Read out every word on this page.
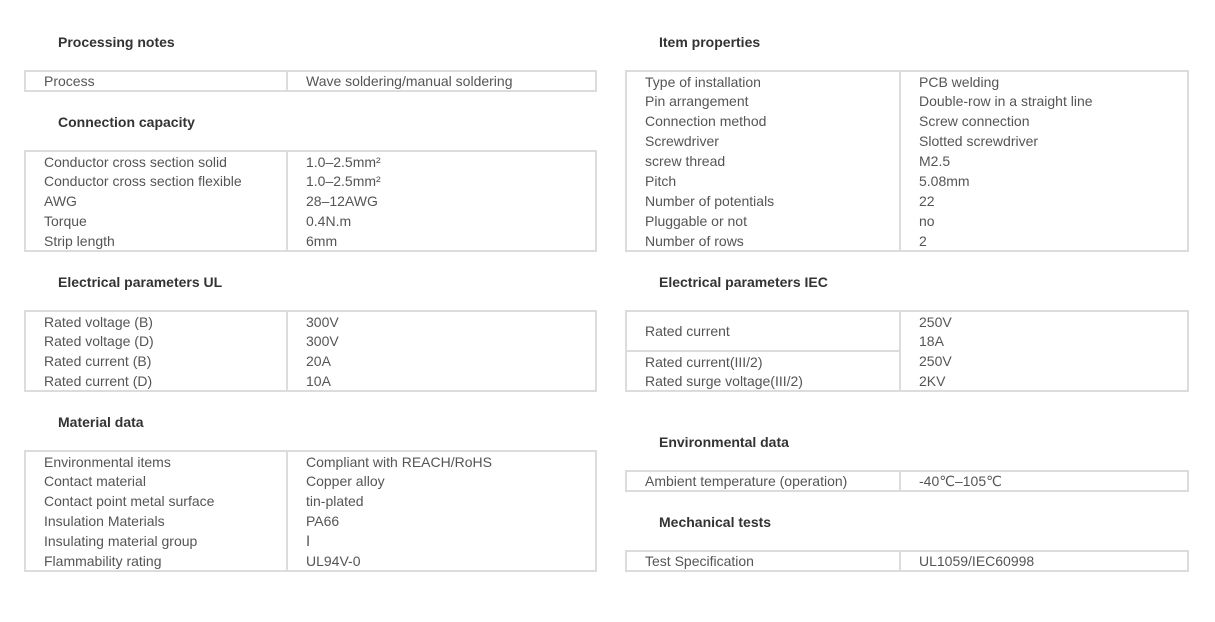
Processing notes
Process	Wave soldering/manual soldering
Connection capacity
Conductor cross section solid	1.0–2.5mm²
Conductor cross section flexible	1.0–2.5mm²
AWG	28–12AWG
Torque	0.4N.m
Strip length	6mm
Electrical parameters UL
Rated voltage (B)	300V
Rated voltage (D)	300V
Rated current (B)	20A
Rated current (D)	10A
Material data
Environmental items	Compliant with REACH/RoHS
Contact material	Copper alloy
Contact point metal surface	tin-plated
Insulation Materials	PA66
Insulating material group	Ⅰ
Flammability rating	UL94V-0
Item properties
Type of installation	PCB welding
Pin arrangement	Double-row in a straight line
Connection method	Screw connection
Screwdriver	Slotted screwdriver
screw thread	M2.5
Pitch	5.08mm
Number of potentials	22
Pluggable or not	no
Number of rows	2
Electrical parameters IEC
Rated current	250V
	18A
Rated current(III/2)	250V
Rated surge voltage(III/2)	2KV
Environmental data
Ambient temperature (operation)	-40℃–105℃
Mechanical tests
Test Specification	UL1059/IEC60998
